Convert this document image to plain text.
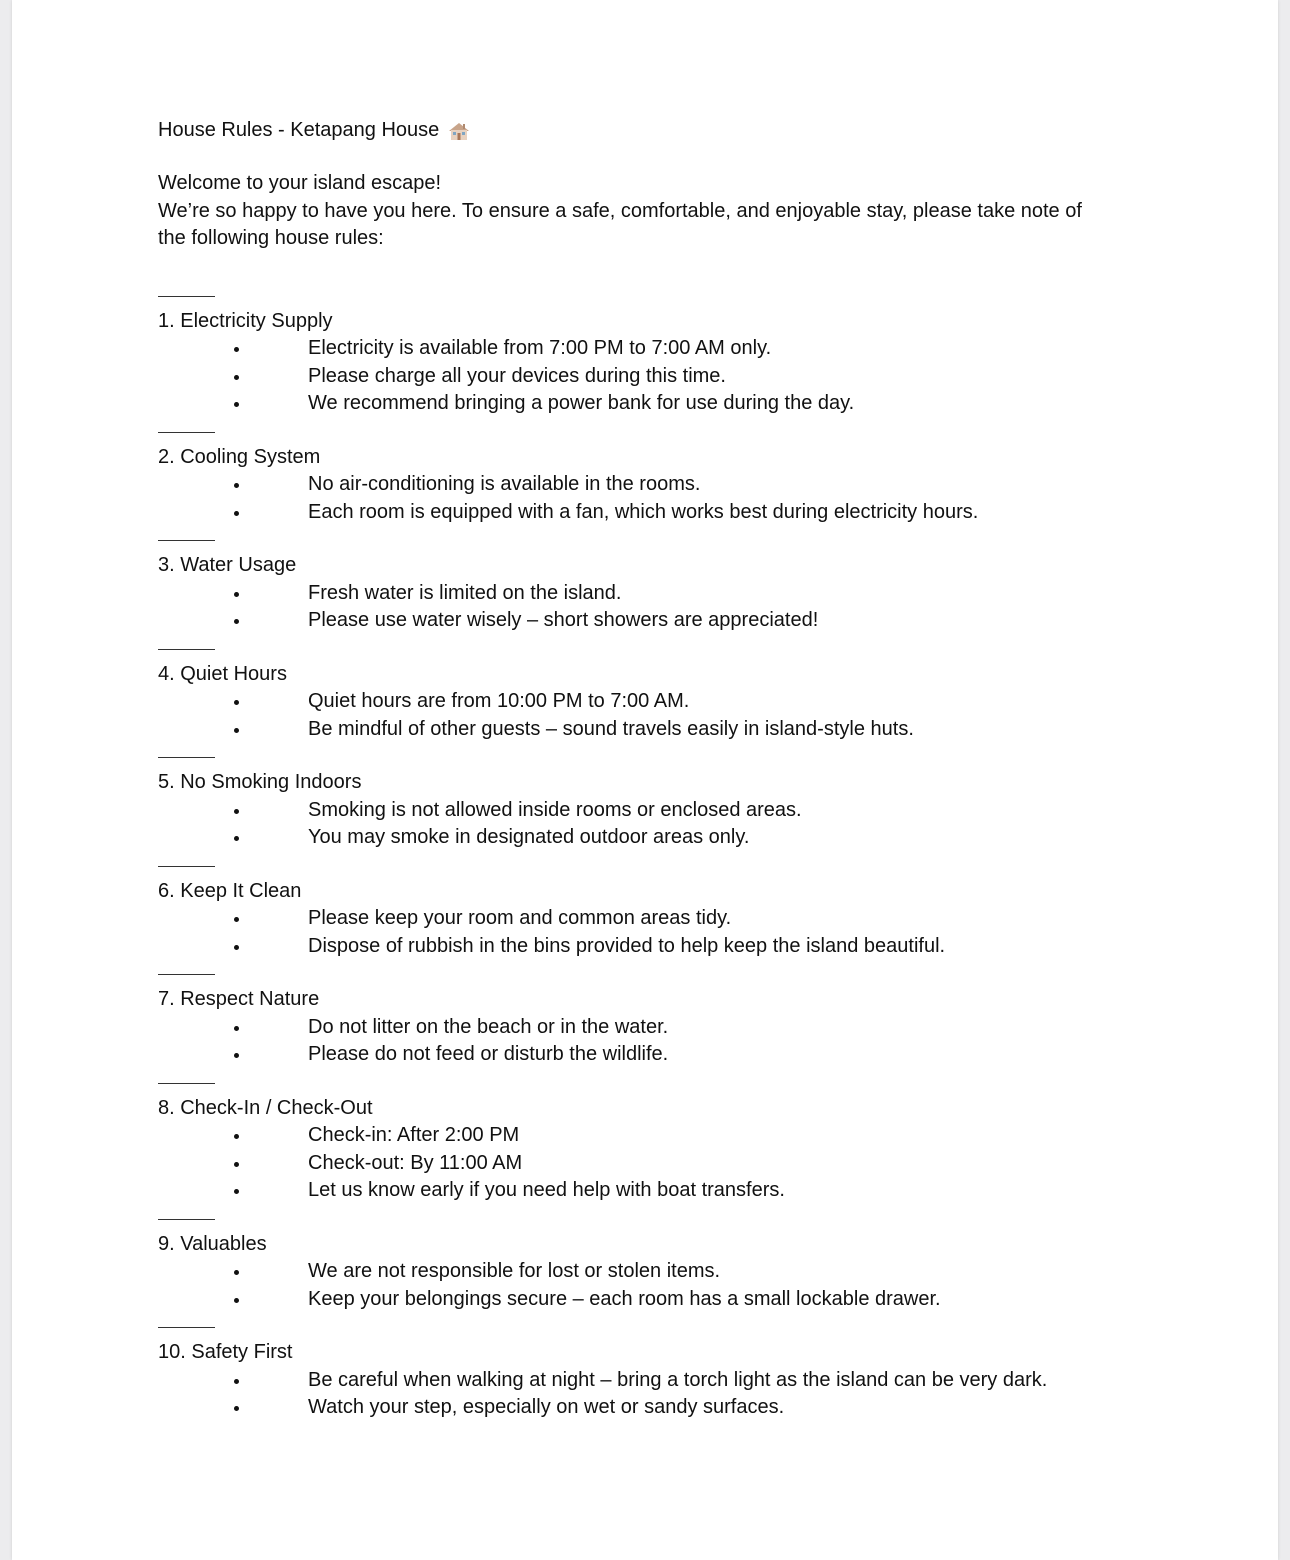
House Rules - Ketapang House

Welcome to your island escape!

We’re so happy to have you here. To ensure a safe, comfortable, and enjoyable stay, please take note of

the following house rules:

1. Electricity Supply
Electricity is available from 7:00 PM to 7:00 AM only.
Please charge all your devices during this time.
We recommend bringing a power bank for use during the day.
2. Cooling System
No air-conditioning is available in the rooms.
Each room is equipped with a fan, which works best during electricity hours.
3. Water Usage
Fresh water is limited on the island.
Please use water wisely – short showers are appreciated!
4. Quiet Hours
Quiet hours are from 10:00 PM to 7:00 AM.
Be mindful of other guests – sound travels easily in island-style huts.
5. No Smoking Indoors
Smoking is not allowed inside rooms or enclosed areas.
You may smoke in designated outdoor areas only.
6. Keep It Clean
Please keep your room and common areas tidy.
Dispose of rubbish in the bins provided to help keep the island beautiful.
7. Respect Nature
Do not litter on the beach or in the water.
Please do not feed or disturb the wildlife.
8. Check-In / Check-Out
Check-in: After 2:00 PM
Check-out: By 11:00 AM
Let us know early if you need help with boat transfers.
9. Valuables
We are not responsible for lost or stolen items.
Keep your belongings secure – each room has a small lockable drawer.
10. Safety First
Be careful when walking at night – bring a torch light as the island can be very dark.
Watch your step, especially on wet or sandy surfaces.
